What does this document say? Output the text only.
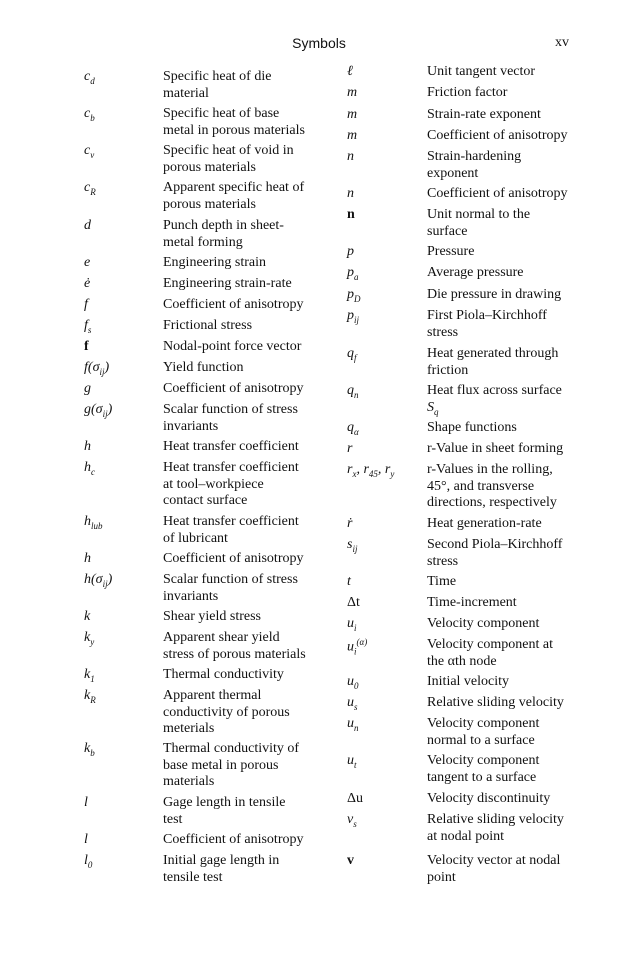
Symbols	xv
$c_d$	Specific heat of die
material
$c_b$	Specific heat of base
metal in porous materials
$c_v$	Specific heat of void in
porous materials
$c_R$	Apparent specific heat of
porous materials
d	Punch depth in sheet-
metal forming
e	Engineering strain
ė	Engineering strain-rate
f	Coefficient of anisotropy
$f_s$	Frictional stress
f	Nodal-point force vector
$f(\sigma_{ij})$	Yield function
g	Coefficient of anisotropy
$g(\sigma_{ij})$	Scalar function of stress
invariants
h	Heat transfer coefficient
$h_c$	Heat transfer coefficient
at tool–workpiece
contact surface
$h_{lub}$	Heat transfer coefficient
of lubricant
h	Coefficient of anisotropy
$h(\sigma_{ij})$	Scalar function of stress
invariants
k	Shear yield stress
$k_y$	Apparent shear yield
stress of porous materials
$k_1$	Thermal conductivity
$k_R$	Apparent thermal
conductivity of porous
meterials
$k_b$	Thermal conductivity of
base metal in porous
materials
l	Gage length in tensile
test
l	Coefficient of anisotropy
$l_0$	Initial gage length in
tensile test
ℓ	Unit tangent vector
m	Friction factor
m	Strain-rate exponent
m	Coefficient of anisotropy
n	Strain-hardening
exponent
n	Coefficient of anisotropy
n	Unit normal to the
surface
p	Pressure
$p_a$	Average pressure
$p_D$	Die pressure in drawing
$p_{ij}$	First Piola–Kirchhoff
stress
$q_f$	Heat generated through
friction
$q_n$	Heat flux across surface
$S_q$
$q_\alpha$	Shape functions
r	r-Value in sheet forming
$r_x$, $r_{45}$, $r_y$ r-Values in the rolling,
45°, and transverse
directions, respectively
ṙ	Heat generation-rate
$s_{ij}$	Second Piola–Kirchhoff
stress
t	Time
Δt	Time-increment
$u_i$	Velocity component
$u_i^{(\alpha)}$	Velocity component at
the αth node
$u_0$	Initial velocity
$u_s$	Relative sliding velocity
$u_n$	Velocity component
normal to a surface
$u_t$	Velocity component
tangent to a surface
Δu	Velocity discontinuity
$v_s$	Relative sliding velocity
at nodal point
v	Velocity vector at nodal
point
